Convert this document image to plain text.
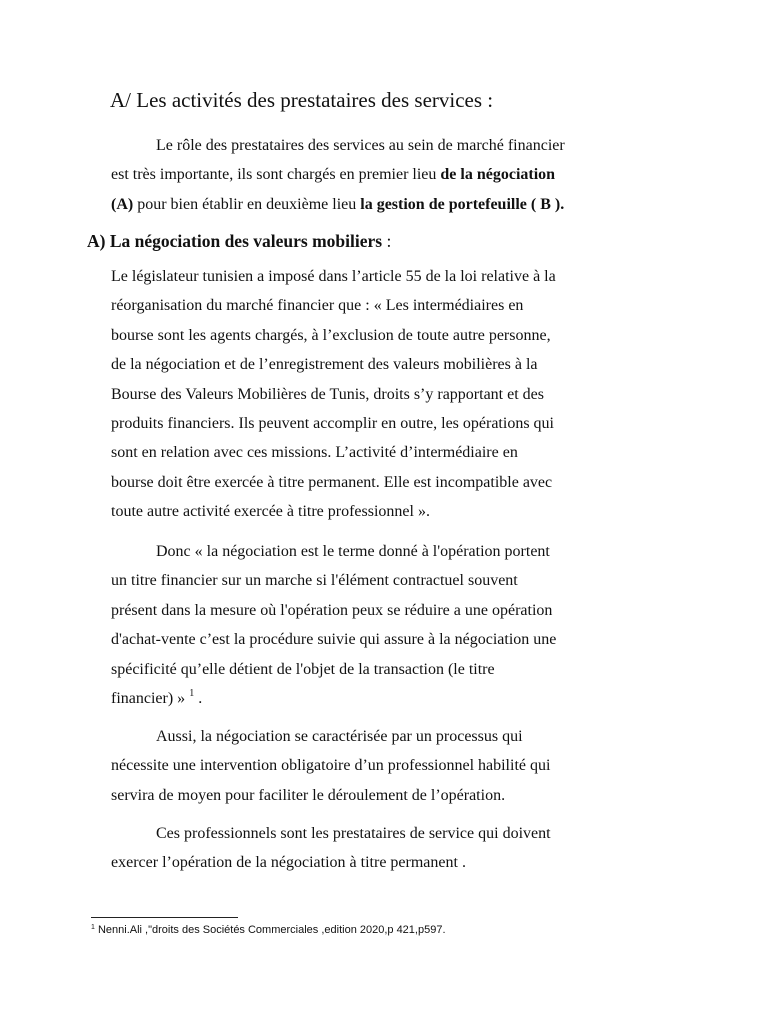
A/ Les activités des prestataires des services :
Le rôle des prestataires des services au sein de marché financier
est très importante, ils sont chargés en premier lieu de la négociation
(A) pour bien établir en deuxième lieu la gestion de portefeuille ( B ).
A) La négociation des valeurs mobiliers :
Le législateur tunisien a imposé dans l’article 55 de la loi relative à la
réorganisation du marché financier que : « Les intermédiaires en
bourse sont les agents chargés, à l’exclusion de toute autre personne,
de la négociation et de l’enregistrement des valeurs mobilières à la
Bourse des Valeurs Mobilières de Tunis, droits s’y rapportant et des
produits financiers. Ils peuvent accomplir en outre, les opérations qui
sont en relation avec ces missions. L’activité d’intermédiaire en
bourse doit être exercée à titre permanent. Elle est incompatible avec
toute autre activité exercée à titre professionnel ».
Donc « la négociation est le terme donné à l'opération portent
un titre financier sur un marche si l'élément contractuel souvent
présent dans la mesure où l'opération peux se réduire a une opération
d'achat-vente c’est la procédure suivie qui assure à la négociation une
spécificité qu’elle détient de l'objet de la transaction (le titre
financier) » $^1$ .
Aussi, la négociation se caractérisée par un processus qui
nécessite une intervention obligatoire d’un professionnel habilité qui
servira de moyen pour faciliter le déroulement de l’opération.
Ces professionnels sont les prestataires de service qui doivent
exercer l’opération de la négociation à titre permanent .
$^1$ Nenni.Ali ,"droits des Sociétés Commerciales ,edition 2020,p 421,p597.
